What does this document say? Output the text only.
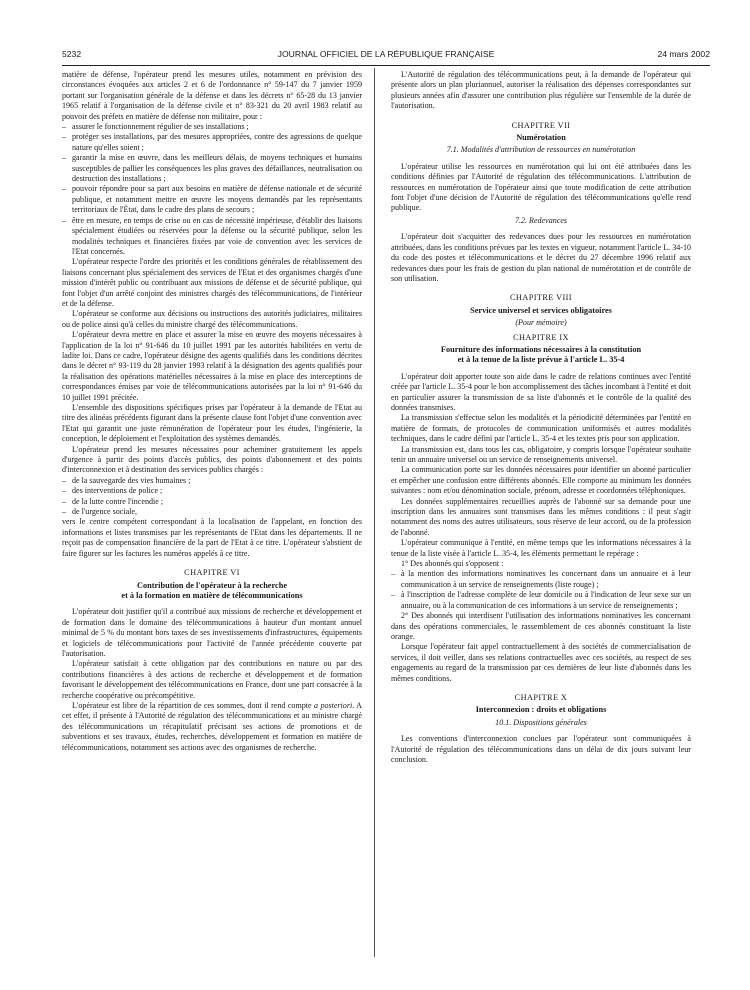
5232	JOURNAL OFFICIEL DE LA RÉPUBLIQUE FRANÇAISE	24 mars 2002

matière de défense, l'opérateur prend les mesures utiles, notamment en prévision des circonstances évoquées aux articles 2 et 6 de l'ordonnance n° 59-147 du 7 janvier 1959 portant sur l'organisation générale de la défense et dans les décrets n° 65-28 du 13 janvier 1965 relatif à l'organisation de la défense civile et n° 83-321 du 20 avril 1983 relatif au pouvoir des préfets en matière de défense non militaire, pour :

– assurer le fonctionnement régulier de ses installations ;
– protéger ses installations, par des mesures appropriées, contre des agressions de quelque nature qu'elles soient ;
– garantir la mise en œuvre, dans les meilleurs délais, de moyens techniques et humains susceptibles de pallier les conséquences les plus graves des défaillances, neutralisation ou destruction des installations ;
– pouvoir répondre pour sa part aux besoins en matière de défense nationale et de sécurité publique, et notamment mettre en œuvre les moyens demandés par les représentants territoriaux de l'État, dans le cadre des plans de secours ;
– être en mesure, en temps de crise ou en cas de nécessité impérieuse, d'établir des liaisons spécialement étudiées ou réservées pour la défense ou la sécurité publique, selon les modalités techniques et financières fixées par voie de convention avec les services de l'Etat concernés.

L'opérateur respecte l'ordre des priorités et les conditions générales de rétablissement des liaisons concernant plus spécialement des services de l'Etat et des organismes chargés d'une mission d'intérêt public ou contribuant aux missions de défense et de sécurité publique, qui font l'objet d'un arrêté conjoint des ministres chargés des télécommunications, de l'intérieur et de la défense.

L'opérateur se conforme aux décisions ou instructions des autorités judiciaires, militaires ou de police ainsi qu'à celles du ministre chargé des télécommunications.

L'opérateur devra mettre en place et assurer la mise en œuvre des moyens nécessaires à l'application de la loi n° 91-646 du 10 juillet 1991 par les autorités habilitées en vertu de ladite loi. Dans ce cadre, l'opérateur désigne des agents qualifiés dans les conditions décrites dans le décret n° 93-119 du 28 janvier 1993 relatif à la désignation des agents qualifiés pour la réalisation des opérations matérielles nécessaires à la mise en place des interceptions de correspondances émises par voie de télécommunications autorisées par la loi n° 91-646 du 10 juillet 1991 précitée.

L'ensemble des dispositions spécifiques prises par l'opérateur à la demande de l'Etat au titre des alinéas précédents figurant dans la présente clause font l'objet d'une convention avec l'Etat qui garantit une juste rémunération de l'opérateur pour les études, l'ingénierie, la conception, le déploiement et l'exploitation des systèmes demandés.

L'opérateur prend les mesures nécessaires pour acheminer gratuitement les appels d'urgence à partir des points d'accès publics, des points d'abonnement et des points d'interconnexion et à destination des services publics chargés :

– de la sauvegarde des vies humaines ;
– des interventions de police ;
– de la lutte contre l'incendie ;
– de l'urgence sociale,

vers le centre compétent correspondant à la localisation de l'appelant, en fonction des informations et listes transmises par les représentants de l'Etat dans les départements. Il ne reçoit pas de compensation financière de la part de l'Etat à ce titre. L'opérateur s'abstient de faire figurer sur les factures les numéros appelés à ce titre.

CHAPITRE VI
Contribution de l'opérateur à la recherche
et à la formation en matière de télécommunications

L'opérateur doit justifier qu'il a contribué aux missions de recherche et développement et de formation dans le domaine des télécommunications à hauteur d'un montant annuel minimal de 5 % du montant hors taxes de ses investissements d'infrastructures, équipements et logiciels de télécommunications pour l'activité de l'année précédente couverte par l'autorisation.

L'opérateur satisfait à cette obligation par des contributions en nature ou par des contributions financières à des actions de recherche et développement et de formation favorisant le développement des télécommunications en France, dont une part consacrée à la recherche coopérative ou précompétitive.

L'opérateur est libre de la répartition de ces sommes, dont il rend compte a posteriori. A cet effet, il présente à l'Autorité de régulation des télécommunications et au ministre chargé des télécommunications un récapitulatif précisant ses actions de promotions et de subventions et ses travaux, études, recherches, développement et formation en matière de télécommunications, notamment ses actions avec des organismes de recherche.

L'Autorité de régulation des télécommunications peut, à la demande de l'opérateur qui présente alors un plan pluriannuel, autoriser la réalisation des dépenses correspondantes sur plusieurs années afin d'assurer une contribution plus régulière sur l'ensemble de la durée de l'autorisation.

CHAPITRE VII
Numérotation
7.1. Modalités d'attribution de ressources en numérotation

L'opérateur utilise les ressources en numérotation qui lui ont été attribuées dans les conditions définies par l'Autorité de régulation des télécommunications. L'attribution de ressources en numérotation de l'opérateur ainsi que toute modification de cette attribution font l'objet d'une décision de l'Autorité de régulation des télécommunications qu'elle rend publique.

7.2. Redevances

L'opérateur doit s'acquitter des redevances dues pour les ressources en numérotation attribuées, dans les conditions prévues par les textes en vigueur, notamment l'article L. 34-10 du code des postes et télécommunications et le décret du 27 décembre 1996 relatif aux redevances dues pour les frais de gestion du plan national de numérotation et de contrôle de son utilisation.

CHAPITRE VIII
Service universel et services obligatoires
(Pour mémoire)
CHAPITRE IX
Fourniture des informations nécessaires à la constitution
et à la tenue de la liste prévue à l'article L. 35-4

L'opérateur doit apporter toute son aide dans le cadre de relations continues avec l'entité créée par l'article L. 35-4 pour le bon accomplissement des tâches incombant à l'entité et doit en particulier assurer la transmission de sa liste d'abonnés et le contrôle de la qualité des données transmises.

La transmission s'effectue selon les modalités et la périodicité déterminées par l'entité en matière de formats, de protocoles de communication uniformisés et autres modalités techniques, dans le cadre défini par l'article L. 35-4 et les textes pris pour son application.

La transmission est, dans tous les cas, obligatoire, y compris lorsque l'opérateur souhaite tenir un annuaire universel ou un service de renseignements universel.

La communication porte sur les données nécessaires pour identifier un abonné particulier et empêcher une confusion entre différents abonnés. Elle comporte au minimum les données suivantes : nom et/ou dénomination sociale, prénom, adresse et coordonnées téléphoniques.

Les données supplémentaires recueillies auprès de l'abonné sur sa demande pour une inscription dans les annuaires sont transmises dans les mêmes conditions : il peut s'agir notamment des noms des autres utilisateurs, sous réserve de leur accord, ou de la profession de l'abonné.

L'opérateur communique à l'entité, en même temps que les informations nécessaires à la tenue de la liste visée à l'article L. 35-4, les éléments permettant le repérage :

1° Des abonnés qui s'opposent :

– à la mention des informations nominatives les concernant dans un annuaire et à leur communication à un service de renseignements (liste rouge) ;
– à l'inscription de l'adresse complète de leur domicile ou à l'indication de leur sexe sur un annuaire, ou à la communication de ces informations à un service de renseignements ;

2° Des abonnés qui interdisent l'utilisation des informations nominatives les concernant dans des opérations commerciales, le rassemblement de ces abonnés constituant la liste orange.

Lorsque l'opérateur fait appel contractuellement à des sociétés de commercialisation de services, il doit veiller, dans ses relations contractuelles avec ces sociétés, au respect de ses engagements au regard de la transmission par ces dernières de leur liste d'abonnés dans les mêmes conditions.

CHAPITRE X
Interconnexion : droits et obligations
10.1. Dispositions générales

Les conventions d'interconnexion conclues par l'opérateur sont communiquées à l'Autorité de régulation des télécommunications dans un délai de dix jours suivant leur conclusion.
